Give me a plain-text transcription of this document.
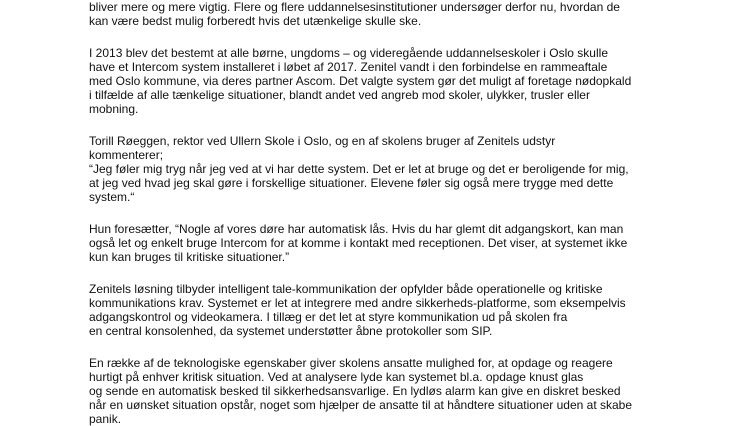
bliver mere og mere vigtig. Flere og flere uddannelsesinstitutioner undersøger derfor nu, hvordan de
kan være bedst mulig forberedt hvis det utænkelige skulle ske.
I 2013 blev det bestemt at alle børne, ungdoms – og videregående uddannelseskoler i Oslo skulle
have et Intercom system installeret i løbet af 2017. Zenitel vandt i den forbindelse en rammeaftale
med Oslo kommune, via deres partner Ascom. Det valgte system gør det muligt af foretage nødopkald
i tilfælde af alle tænkelige situationer, blandt andet ved angreb mod skoler, ulykker, trusler eller
mobning.
Torill Røeggen, rektor ved Ullern Skole i Oslo, og en af skolens bruger af Zenitels udstyr
kommenterer;
“Jeg føler mig tryg når jeg ved at vi har dette system. Det er let at bruge og det er beroligende for mig,
at jeg ved hvad jeg skal gøre i forskellige situationer. Elevene føler sig også mere trygge med dette
system.“
Hun foresætter, “Nogle af vores døre har automatisk lås. Hvis du har glemt dit adgangskort, kan man
også let og enkelt bruge Intercom for at komme i kontakt med receptionen. Det viser, at systemet ikke
kun kan bruges til kritiske situationer.”
Zenitels løsning tilbyder intelligent tale-kommunikation der opfylder både operationelle og kritiske
kommunikations krav. Systemet er let at integrere med andre sikkerheds-platforme, som eksempelvis
adgangskontrol og videokamera. I tillæg er det let at styre kommunikation ud på skolen fra
en central konsolenhed, da systemet understøtter åbne protokoller som SIP.
En række af de teknologiske egenskaber giver skolens ansatte mulighed for, at opdage og reagere
hurtigt på enhver kritisk situation. Ved at analysere lyde kan systemet bl.a. opdage knust glas
og sende en automatisk besked til sikkerhedsansvarlige. En lydløs alarm kan give en diskret besked
når en uønsket situation opstår, noget som hjælper de ansatte til at håndtere situationer uden at skabe
panik.
